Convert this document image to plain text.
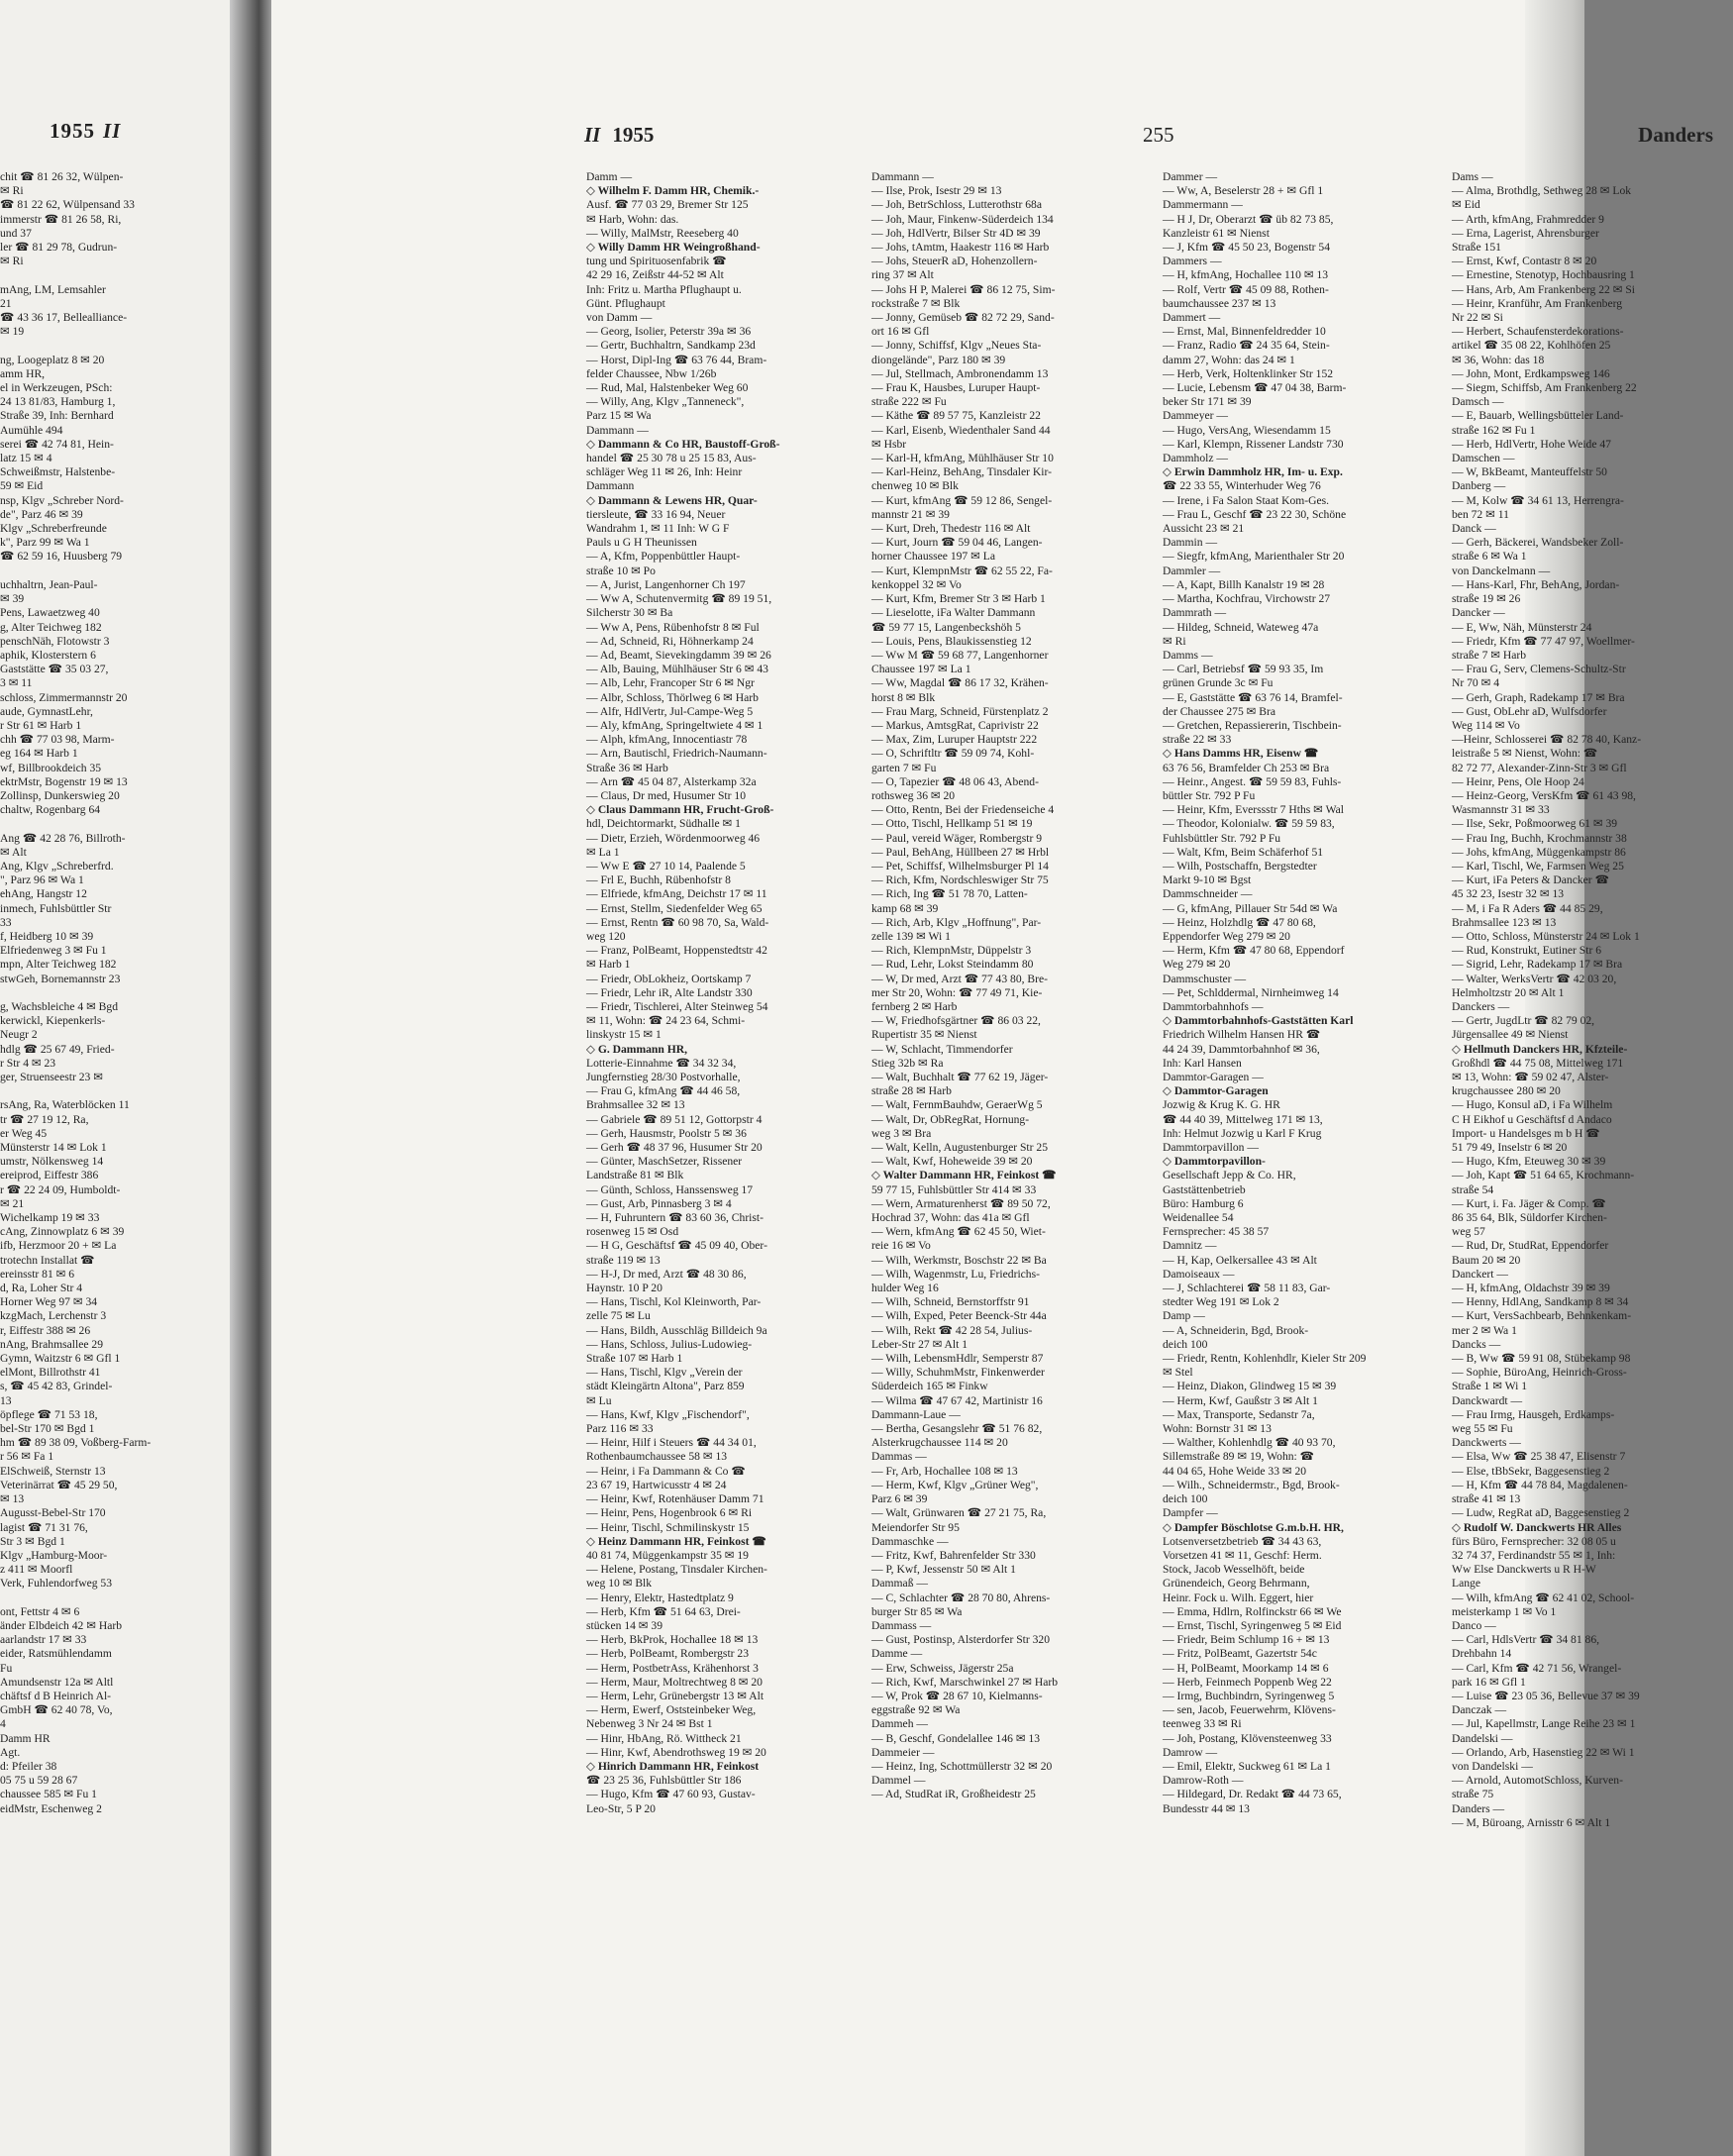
1955 II
chit ☎ 81 26 32, Wülpen-
✉ Ri
☎ 81 22 62, Wülpensand 33
immerstr ☎ 81 26 58, Ri,
und 37
ler ☎ 81 29 78, Gudrun-
✉ Ri

mAng, LM, Lemsahler
21
☎ 43 36 17, Bellealliance-
✉ 19

ng, Loogeplatz 8 ✉ 20
amm HR,
el in Werkzeugen, PSch:
24 13 81/83, Hamburg 1,
Straße 39, Inh: Bernhard
Aumühle 494
serei ☎ 42 74 81, Hein-
latz 15 ✉ 4
Schweißmstr, Halstenbe-
59 ✉ Eid
nsp, Klgv „Schreber Nord-
de", Parz 46 ✉ 39
Klgv „Schreberfreunde
k", Parz 99 ✉ Wa 1
☎ 62 59 16, Huusberg 79

uchhaltrn, Jean-Paul-
✉ 39
Pens, Lawaetzweg 40
g, Alter Teichweg 182
penschNäh, Flotowstr 3
aphik, Klosterstern 6
Gaststätte ☎ 35 03 27,
3 ✉ 11
schloss, Zimmermannstr 20
aude, GymnastLehr,
r Str 61 ✉ Harb 1
chh ☎ 77 03 98, Marm-
eg 164 ✉ Harb 1
wf, Billbrookdeich 35
ektrMstr, Bogenstr 19 ✉ 13
Zollinsp, Dunkerswieg 20
chaltw, Rogenbarg 64

Ang ☎ 42 28 76, Billroth-
✉ Alt
Ang, Klgv „Schreberfrd.
", Parz 96 ✉ Wa 1
ehAng, Hangstr 12
inmech, Fuhlsbüttler Str
33
f, Heidberg 10 ✉ 39
Elfriedenweg 3 ✉ Fu 1
mpn, Alter Teichweg 182
stwGeh, Bornemannstr 23

g, Wachsbleiche 4 ✉ Bgd
kerwickl, Kiepenkerls-
Neugr 2
hdlg ☎ 25 67 49, Fried-
r Str 4 ✉ 23
ger, Struenseestr 23 ✉

rsAng, Ra, Waterblöcken 11
tr ☎ 27 19 12, Ra,
er Weg 45
Münsterstr 14 ✉ Lok 1
umstr, Nölkensweg 14
ereiprod, Eiffestr 386
r ☎ 22 24 09, Humboldt-
✉ 21
Wichelkamp 19 ✉ 33
cAng, Zinnowplatz 6 ✉ 39
ifb, Herzmoor 20 + ✉ La
trotechn Installat ☎
ereinsstr 81 ✉ 6
d, Ra, Loher Str 4
Horner Weg 97 ✉ 34
kzgMach, Lerchenstr 3
r, Eiffestr 388 ✉ 26
nAng, Brahmsallee 29
Gymn, Waitzstr 6 ✉ Gfl 1
elMont, Billrothstr 41
s, ☎ 45 42 83, Grindel-
13
öpflege ☎ 71 53 18,
bel-Str 170 ✉ Bgd 1
hm ☎ 89 38 09, Voßberg-Farm-
r 56 ✉ Fa 1
ElSchweiß, Sternstr 13
Veterinärrat ☎ 45 29 50,
✉ 13
Augusst-Bebel-Str 170
lagist ☎ 71 31 76,
Str 3 ✉ Bgd 1
Klgv „Hamburg-Moor-
z 411 ✉ Moorfl
Verk, Fuhlendorfweg 53

ont, Fettstr 4 ✉ 6
änder Elbdeich 42 ✉ Harb
aarlandstr 17 ✉ 33
eider, Ratsmühlendamm
Fu
Amundsenstr 12a ✉ Altl
chäftsf d B Heinrich Al-
GmbH ☎ 62 40 78, Vo,
4
Damm HR
Agt.
d: Pfeiler 38
05 75 u 59 28 67
chaussee 585 ✉ Fu 1
eidMstr, Eschenweg 2
II 1955	255	Danders
Damm —
◇ Wilhelm F. Damm HR, Chemik.-
Ausf. ☎ 77 03 29, Bremer Str 125
✉ Harb, Wohn: das.
— Willy, MalMstr, Reeseberg 40
◇ Willy Damm HR Weingroßhand-
tung und Spirituosenfabrik ☎
42 29 16, Zeißstr 44-52 ✉ Alt
Inh: Fritz u. Martha Pflughaupt u.
Günt. Pflughaupt
von Damm —
— Georg, Isolier, Peterstr 39a ✉ 36
— Gertr, Buchhaltrn, Sandkamp 23d
— Horst, Dipl-Ing ☎ 63 76 44, Bram-
felder Chaussee, Nbw 1/26b
— Rud, Mal, Halstenbeker Weg 60
— Willy, Ang, Klgv „Tanneneck",
Parz 15 ✉ Wa
Dammann —
◇ Dammann & Co HR, Baustoff-Groß-
handel ☎ 25 30 78 u 25 15 83, Aus-
schläger Weg 11 ✉ 26, Inh: Heinr
Dammann
◇ Dammann & Lewens HR, Quar-
tiersleute, ☎ 33 16 94, Neuer
Wandrahm 1, ✉ 11 Inh: W G F
Pauls u G H Theunissen
— A, Kfm, Poppenbüttler Haupt-
straße 10 ✉ Po
— A, Jurist, Langenhorner Ch 197
— Ww A, Schutenvermitg ☎ 89 19 51,
Silcherstr 30 ✉ Ba
— Ww A, Pens, Rübenhofstr 8 ✉ Ful
— Ad, Schneid, Ri, Höhnerkamp 24
— Ad, Beamt, Sievekingdamm 39 ✉ 26
— Alb, Bauing, Mühlhäuser Str 6 ✉ 43
— Alb, Lehr, Francoper Str 6 ✉ Ngr
— Albr, Schloss, Thörlweg 6 ✉ Harb
— Alfr, HdlVertr, Jul-Campe-Weg 5
— Aly, kfmAng, Springeltwiete 4 ✉ 1
— Alph, kfmAng, Innocentiastr 78
— Arn, Bautischl, Friedrich-Naumann-
Straße 36 ✉ Harb
— Arn ☎ 45 04 87, Alsterkamp 32a
— Claus, Dr med, Husumer Str 10
◇ Claus Dammann HR, Frucht-Groß-
hdl, Deichtormarkt, Südhalle ✉ 1
— Dietr, Erzieh, Wördenmoorweg 46
✉ La 1
— Ww E ☎ 27 10 14, Paalende 5
— Frl E, Buchh, Rübenhofstr 8
— Elfriede, kfmAng, Deichstr 17 ✉ 11
— Ernst, Stellm, Siedenfelder Weg 65
— Ernst, Rentn ☎ 60 98 70, Sa, Wald-
weg 120
— Franz, PolBeamt, Hoppenstedtstr 42
✉ Harb 1
— Friedr, ObLokheiz, Oortskamp 7
— Friedr, Lehr iR, Alte Landstr 330
— Friedr, Tischlerei, Alter Steinweg 54
✉ 11, Wohn: ☎ 24 23 64, Schmi-
linskystr 15 ✉ 1
◇ G. Dammann HR,
Lotterie-Einnahme ☎ 34 32 34,
Jungfernstieg 28/30 Postvorhalle,
— Frau G, kfmAng ☎ 44 46 58,
Brahmsallee 32 ✉ 13
— Gabriele ☎ 89 51 12, Gottorpstr 4
— Gerh, Hausmstr, Poolstr 5 ✉ 36
— Gerh ☎ 48 37 96, Husumer Str 20
— Günter, MaschSetzer, Rissener
Landstraße 81 ✉ Blk
— Günth, Schloss, Hanssensweg 17
— Gust, Arb, Pinnasberg 3 ✉ 4
— H, Fuhruntern ☎ 83 60 36, Christ-
rosenweg 15 ✉ Osd
— H G, Geschäftsf ☎ 45 09 40, Ober-
straße 119 ✉ 13
— H-J, Dr med, Arzt ☎ 48 30 86,
Haynstr. 10 P 20
— Hans, Tischl, Kol Kleinworth, Par-
zelle 75 ✉ Lu
— Hans, Bildh, Ausschläg Billdeich 9a
— Hans, Schloss, Julius-Ludowieg-
Straße 107 ✉ Harb 1
— Hans, Tischl, Klgv „Verein der
städt Kleingärtn Altona", Parz 859
✉ Lu
— Hans, Kwf, Klgv „Fischendorf",
Parz 116 ✉ 33
— Heinr, Hilf i Steuers ☎ 44 34 01,
Rothenbaumchaussee 58 ✉ 13
— Heinr, i Fa Dammann & Co ☎
23 67 19, Hartwicusstr 4 ✉ 24
— Heinr, Kwf, Rotenhäuser Damm 71
— Heinr, Pens, Hogenbrook 6 ✉ Ri
— Heinr, Tischl, Schmilinskystr 15
◇ Heinz Dammann HR, Feinkost ☎
40 81 74, Müggenkampstr 35 ✉ 19
— Helene, Postang, Tinsdaler Kirchen-
weg 10 ✉ Blk
— Henry, Elektr, Hastedtplatz 9
— Herb, Kfm ☎ 51 64 63, Drei-
stücken 14 ✉ 39
— Herb, BkProk, Hochallee 18 ✉ 13
— Herb, PolBeamt, Rombergstr 23
— Herm, PostbetrAss, Krähenhorst 3
— Herm, Maur, Moltrechtweg 8 ✉ 20
— Herm, Lehr, Grünebergstr 13 ✉ Alt
— Herm, Ewerf, Oststeinbeker Weg,
Nebenweg 3 Nr 24 ✉ Bst 1
— Hinr, HbAng, Rö. Wittheck 21
— Hinr, Kwf, Abendrothsweg 19 ✉ 20
◇ Hinrich Dammann HR, Feinkost
☎ 23 25 36, Fuhlsbüttler Str 186
— Hugo, Kfm ☎ 47 60 93, Gustav-
Leo-Str, 5 P 20
Dammann —
— Ilse, Prok, Isestr 29 ✉ 13
— Joh, BetrSchloss, Lutterothstr 68a
— Joh, Maur, Finkenw-Süderdeich 134
— Joh, HdlVertr, Bilser Str 4D ✉ 39
— Johs, tAmtm, Haakestr 116 ✉ Harb
— Johs, SteuerR aD, Hohenzollern-
ring 37 ✉ Alt
— Johs H P, Malerei ☎ 86 12 75, Sim-
rockstraße 7 ✉ Blk
— Jonny, Gemüseb ☎ 82 72 29, Sand-
ort 16 ✉ Gfl
— Jonny, Schiffsf, Klgv „Neues Sta-
diongelände", Parz 180 ✉ 39
— Jul, Stellmach, Ambronendamm 13
— Frau K, Hausbes, Luruper Haupt-
straße 222 ✉ Fu
— Käthe ☎ 89 57 75, Kanzleistr 22
— Karl, Eisenb, Wiedenthaler Sand 44
✉ Hsbr
— Karl-H, kfmAng, Mühlhäuser Str 10
— Karl-Heinz, BehAng, Tinsdaler Kir-
chenweg 10 ✉ Blk
— Kurt, kfmAng ☎ 59 12 86, Sengel-
mannstr 21 ✉ 39
— Kurt, Dreh, Thedestr 116 ✉ Alt
— Kurt, Journ ☎ 59 04 46, Langen-
horner Chaussee 197 ✉ La
— Kurt, KlempnMstr ☎ 62 55 22, Fa-
kenkoppel 32 ✉ Vo
— Kurt, Kfm, Bremer Str 3 ✉ Harb 1
— Lieselotte, iFa Walter Dammann
☎ 59 77 15, Langenbeckshöh 5
— Louis, Pens, Blaukissenstieg 12
— Ww M ☎ 59 68 77, Langenhorner
Chaussee 197 ✉ La 1
— Ww, Magdal ☎ 86 17 32, Krähen-
horst 8 ✉ Blk
— Frau Marg, Schneid, Fürstenplatz 2
— Markus, AmtsgRat, Caprivistr 22
— Max, Zim, Luruper Hauptstr 222
— O, Schriftltr ☎ 59 09 74, Kohl-
garten 7 ✉ Fu
— O, Tapezier ☎ 48 06 43, Abend-
rothsweg 36 ✉ 20
— Otto, Rentn, Bei der Friedenseiche 4
— Otto, Tischl, Hellkamp 51 ✉ 19
— Paul, vereid Wäger, Rombergstr 9
— Paul, BehAng, Hüllbeen 27 ✉ Hrbl
— Pet, Schiffsf, Wilhelmsburger Pl 14
— Rich, Kfm, Nordschleswiger Str 75
— Rich, Ing ☎ 51 78 70, Latten-
kamp 68 ✉ 39
— Rich, Arb, Klgv „Hoffnung", Par-
zelle 139 ✉ Wi 1
— Rich, KlempnMstr, Düppelstr 3
— Rud, Lehr, Lokst Steindamm 80
— W, Dr med, Arzt ☎ 77 43 80, Bre-
mer Str 20, Wohn: ☎ 77 49 71, Kie-
fernberg 2 ✉ Harb
— W, Friedhofsgärtner ☎ 86 03 22,
Rupertistr 35 ✉ Nienst
— W, Schlacht, Timmendorfer
Stieg 32b ✉ Ra
— Walt, Buchhalt ☎ 77 62 19, Jäger-
straße 28 ✉ Harb
— Walt, FernmBauhdw, GeraerWg 5
— Walt, Dr, ObRegRat, Hornung-
weg 3 ✉ Bra
— Walt, Kelln, Augustenburger Str 25
— Walt, Kwf, Hoheweide 39 ✉ 20
◇ Walter Dammann HR, Feinkost ☎
59 77 15, Fuhlsbüttler Str 414 ✉ 33
— Wern, Armaturenherst ☎ 89 50 72,
Hochrad 37, Wohn: das 41a ✉ Gfl
— Wern, kfmAng ☎ 62 45 50, Wiet-
reie 16 ✉ Vo
— Wilh, Werkmstr, Boschstr 22 ✉ Ba
— Wilh, Wagenmstr, Lu, Friedrichs-
hulder Weg 16
— Wilh, Schneid, Bernstorffstr 91
— Wilh, Exped, Peter Beenck-Str 44a
— Wilh, Rekt ☎ 42 28 54, Julius-
Leber-Str 27 ✉ Alt 1
— Wilh, LebensmHdlr, Semperstr 87
— Willy, SchuhmMstr, Finkenwerder
Süderdeich 165 ✉ Finkw
— Wilma ☎ 47 67 42, Martinistr 16
Dammann-Laue —
— Bertha, Gesangslehr ☎ 51 76 82,
Alsterkrugchaussee 114 ✉ 20
Dammas —
— Fr, Arb, Hochallee 108 ✉ 13
— Herm, Kwf, Klgv „Grüner Weg",
Parz 6 ✉ 39
— Walt, Grünwaren ☎ 27 21 75, Ra,
Meiendorfer Str 95
Dammaschke —
— Fritz, Kwf, Bahrenfelder Str 330
— P, Kwf, Jessenstr 50 ✉ Alt 1
Dammaß —
— C, Schlachter ☎ 28 70 80, Ahrens-
burger Str 85 ✉ Wa
Dammass —
— Gust, Postinsp, Alsterdorfer Str 320
Damme —
— Erw, Schweiss, Jägerstr 25a
— Rich, Kwf, Marschwinkel 27 ✉ Harb
— W, Prok ☎ 28 67 10, Kielmanns-
eggstraße 92 ✉ Wa
Dammeh —
— B, Geschf, Gondelallee 146 ✉ 13
Dammeier —
— Heinz, Ing, Schottmüllerstr 32 ✉ 20
Dammel —
— Ad, StudRat iR, Großheidestr 25
Dammer —
— Ww, A, Beselerstr 28 + ✉ Gfl 1
Dammermann —
— H J, Dr, Oberarzt ☎ üb 82 73 85,
Kanzleistr 61 ✉ Nienst
— J, Kfm ☎ 45 50 23, Bogenstr 54
Dammers —
— H, kfmAng, Hochallee 110 ✉ 13
— Rolf, Vertr ☎ 45 09 88, Rothen-
baumchaussee 237 ✉ 13
Dammert —
— Ernst, Mal, Binnenfeldredder 10
— Franz, Radio ☎ 24 35 64, Stein-
damm 27, Wohn: das 24 ✉ 1
— Herb, Verk, Holtenklinker Str 152
— Lucie, Lebensm ☎ 47 04 38, Barm-
beker Str 171 ✉ 39
Dammeyer —
— Hugo, VersAng, Wiesendamm 15
— Karl, Klempn, Rissener Landstr 730
Dammholz —
◇ Erwin Dammholz HR, Im- u. Exp.
☎ 22 33 55, Winterhuder Weg 76
— Irene, i Fa Salon Staat Kom-Ges.
— Frau L, Geschf ☎ 23 22 30, Schöne
Aussicht 23 ✉ 21
Dammin —
— Siegfr, kfmAng, Marienthaler Str 20
Dammler —
— A, Kapt, Billh Kanalstr 19 ✉ 28
— Martha, Kochfrau, Virchowstr 27
Dammrath —
— Hildeg, Schneid, Wateweg 47a
✉ Ri
Damms —
— Carl, Betriebsf ☎ 59 93 35, Im
grünen Grunde 3c ✉ Fu
— E, Gaststätte ☎ 63 76 14, Bramfel-
der Chaussee 275 ✉ Bra
— Gretchen, Repassiererin, Tischbein-
straße 22 ✉ 33
◇ Hans Damms HR, Eisenw ☎
63 76 56, Bramfelder Ch 253 ✉ Bra
— Heinr., Angest. ☎ 59 59 83, Fuhls-
büttler Str. 792 P Fu
— Heinr, Kfm, Everssstr 7 Hths ✉ Wal
— Theodor, Kolonialw. ☎ 59 59 83,
Fuhlsbüttler Str. 792 P Fu
— Walt, Kfm, Beim Schäferhof 51
— Wilh, Postschaffn, Bergstedter
Markt 9-10 ✉ Bgst
Dammschneider —
— G, kfmAng, Pillauer Str 54d ✉ Wa
— Heinz, Holzhdlg ☎ 47 80 68,
Eppendorfer Weg 279 ✉ 20
— Herm, Kfm ☎ 47 80 68, Eppendorf
Weg 279 ✉ 20
Dammschuster —
— Pet, Schlddermal, Nirnheimweg 14
Dammtorbahnhofs —
◇ Dammtorbahnhofs-Gaststätten Karl
Friedrich Wilhelm Hansen HR ☎
44 24 39, Dammtorbahnhof ✉ 36,
Inh: Karl Hansen
Dammtor-Garagen —
◇ Dammtor-Garagen
Jozwig & Krug K. G. HR
☎ 44 40 39, Mittelweg 171 ✉ 13,
Inh: Helmut Jozwig u Karl F Krug
Dammtorpavillon —
◇ Dammtorpavillon-
Gesellschaft Jepp & Co. HR,
Gaststättenbetrieb
Büro: Hamburg 6
Weidenallee 54
Fernsprecher: 45 38 57
Damnitz —
— H, Kap, Oelkersallee 43 ✉ Alt
Damoiseaux —
— J, Schlachterei ☎ 58 11 83, Gar-
stedter Weg 191 ✉ Lok 2
Damp —
— A, Schneiderin, Bgd, Brook-
deich 100
— Friedr, Rentn, Kohlenhdlr, Kieler Str 209
✉ Stel
— Heinz, Diakon, Glindweg 15 ✉ 39
— Herm, Kwf, Gaußstr 3 ✉ Alt 1
— Max, Transporte, Sedanstr 7a,
Wohn: Bornstr 31 ✉ 13
— Walther, Kohlenhdlg ☎ 40 93 70,
Sillemstraße 89 ✉ 19, Wohn: ☎
44 04 65, Hohe Weide 33 ✉ 20
— Wilh., Schneidermstr., Bgd, Brook-
deich 100
Dampfer —
◇ Dampfer Böschlotse G.m.b.H. HR,
Lotsenversetzbetrieb ☎ 34 43 63,
Vorsetzen 41 ✉ 11, Geschf: Herm.
Stock, Jacob Wesselhöft, beide
Grünendeich, Georg Behrmann,
Heinr. Fock u. Wilh. Eggert, hier
— Emma, Hdlrn, Rolfinckstr 66 ✉ We
— Ernst, Tischl, Syringenweg 5 ✉ Eid
— Friedr, Beim Schlump 16 + ✉ 13
— Fritz, PolBeamt, Gazertstr 54c
— H, PolBeamt, Moorkamp 14 ✉ 6
— Herb, Feinmech Poppenb Weg 22
— Irmg, Buchbindrn, Syringenweg 5
— sen, Jacob, Feuerwehrm, Klövens-
teenweg 33 ✉ Ri
— Joh, Postang, Klövensteenweg 33
Damrow —
— Emil, Elektr, Suckweg 61 ✉ La 1
Damrow-Roth —
— Hildegard, Dr. Redakt ☎ 44 73 65,
Bundesstr 44 ✉ 13
Dams —
— Alma, Brothdlg, Sethweg 28 ✉ Lok
✉ Eid
— Arth, kfmAng, Frahmredder 9
— Erna, Lagerist, Ahrensburger
Straße 151
— Ernst, Kwf, Contastr 8 ✉ 20
— Ernestine, Stenotyp, Hochbausring 1
— Hans, Arb, Am Frankenberg 22 ✉ Si
— Heinr, Kranführ, Am Frankenberg
Nr 22 ✉ Si
— Herbert, Schaufensterdekorations-
artikel ☎ 35 08 22, Kohlhöfen 25
✉ 36, Wohn: das 18
— John, Mont, Erdkampsweg 146
— Siegm, Schiffsb, Am Frankenberg 22
Damsch —
— E, Bauarb, Wellingsbütteler Land-
straße 162 ✉ Fu 1
— Herb, HdlVertr, Hohe Weide 47
Damschen —
— W, BkBeamt, Manteuffelstr 50
Danberg —
— M, Kolw ☎ 34 61 13, Herrengra-
ben 72 ✉ 11
Danck —
— Gerh, Bäckerei, Wandsbeker Zoll-
straße 6 ✉ Wa 1
von Danckelmann —
— Hans-Karl, Fhr, BehAng, Jordan-
straße 19 ✉ 26
Dancker —
— E, Ww, Näh, Münsterstr 24
— Friedr, Kfm ☎ 77 47 97, Woellmer-
straße 7 ✉ Harb
— Frau G, Serv, Clemens-Schultz-Str
Nr 70 ✉ 4
— Gerh, Graph, Radekamp 17 ✉ Bra
— Gust, ObLehr aD, Wulfsdorfer
Weg 114 ✉ Vo
—Heinr, Schlosserei ☎ 82 78 40, Kanz-
leistraße 5 ✉ Nienst, Wohn: ☎
82 72 77, Alexander-Zinn-Str 3 ✉ Gfl
— Heinr, Pens, Ole Hoop 24
— Heinz-Georg, VersKfm ☎ 61 43 98,
Wasmannstr 31 ✉ 33
— Ilse, Sekr, Poßmoorweg 61 ✉ 39
— Frau Ing, Buchh, Krochmannstr 38
— Johs, kfmAng, Müggenkampstr 86
— Karl, Tischl, We, Farmsen Weg 25
— Kurt, iFa Peters & Dancker ☎
45 32 23, Isestr 32 ✉ 13
— M, i Fa R Aders ☎ 44 85 29,
Brahmsallee 123 ✉ 13
— Otto, Schloss, Münsterstr 24 ✉ Lok 1
— Rud, Konstrukt, Eutiner Str 6
— Sigrid, Lehr, Radekamp 17 ✉ Bra
— Walter, WerksVertr ☎ 42 03 20,
Helmholtzstr 20 ✉ Alt 1
Danckers —
— Gertr, JugdLtr ☎ 82 79 02,
Jürgensallee 49 ✉ Nienst
◇ Hellmuth Danckers HR, Kfzteile-
Großhdl ☎ 44 75 08, Mittelweg 171
✉ 13, Wohn: ☎ 59 02 47, Alster-
krugchaussee 280 ✉ 20
— Hugo, Konsul aD, i Fa Wilhelm
C H Eikhof u Geschäftsf d Andaco
Import- u Handelsges m b H ☎
51 79 49, Inselstr 6 ✉ 20
— Hugo, Kfm, Eteuweg 30 ✉ 39
— Joh, Kapt ☎ 51 64 65, Krochmann-
straße 54
— Kurt, i. Fa. Jäger & Comp. ☎
86 35 64, Blk, Süldorfer Kirchen-
weg 57
— Rud, Dr, StudRat, Eppendorfer
Baum 20 ✉ 20
Danckert —
— H, kfmAng, Oldachstr 39 ✉ 39
— Henny, HdlAng, Sandkamp 8 ✉ 34
— Kurt, VersSachbearb, Behnkenkam-
mer 2 ✉ Wa 1
Dancks —
— B, Ww ☎ 59 91 08, Stübekamp 98
— Sophie, BüroAng, Heinrich-Gross-
Straße 1 ✉ Wi 1
Danckwardt —
— Frau Irmg, Hausgeh, Erdkamps-
weg 55 ✉ Fu
Danckwerts —
— Elsa, Ww ☎ 25 38 47, Elisenstr 7
— Else, tBbSekr, Baggesenstieg 2
— H, Kfm ☎ 44 78 84, Magdalenen-
straße 41 ✉ 13
— Ludw, RegRat aD, Baggesenstieg 2
◇ Rudolf W. Danckwerts HR Alles
fürs Büro, Fernsprecher: 32 08 05 u
32 74 37, Ferdinandstr 55 ✉ 1, Inh:
Ww Else Danckwerts u R H-W
Lange
— Wilh, kfmAng ☎ 62 41 02, School-
meisterkamp 1 ✉ Vo 1
Danco —
— Carl, HdlsVertr ☎ 34 81 86,
Drehbahn 14
— Carl, Kfm ☎ 42 71 56, Wrangel-
park 16 ✉ Gfl 1
— Luise ☎ 23 05 36, Bellevue 37 ✉ 39
Danczak —
— Jul, Kapellmstr, Lange Reihe 23 ✉ 1
Dandelski —
— Orlando, Arb, Hasenstieg 22 ✉ Wi 1
von Dandelski —
— Arnold, AutomotSchloss, Kurven-
straße 75
Danders —
— M, Büroang, Arnisstr 6 ✉ Alt 1
